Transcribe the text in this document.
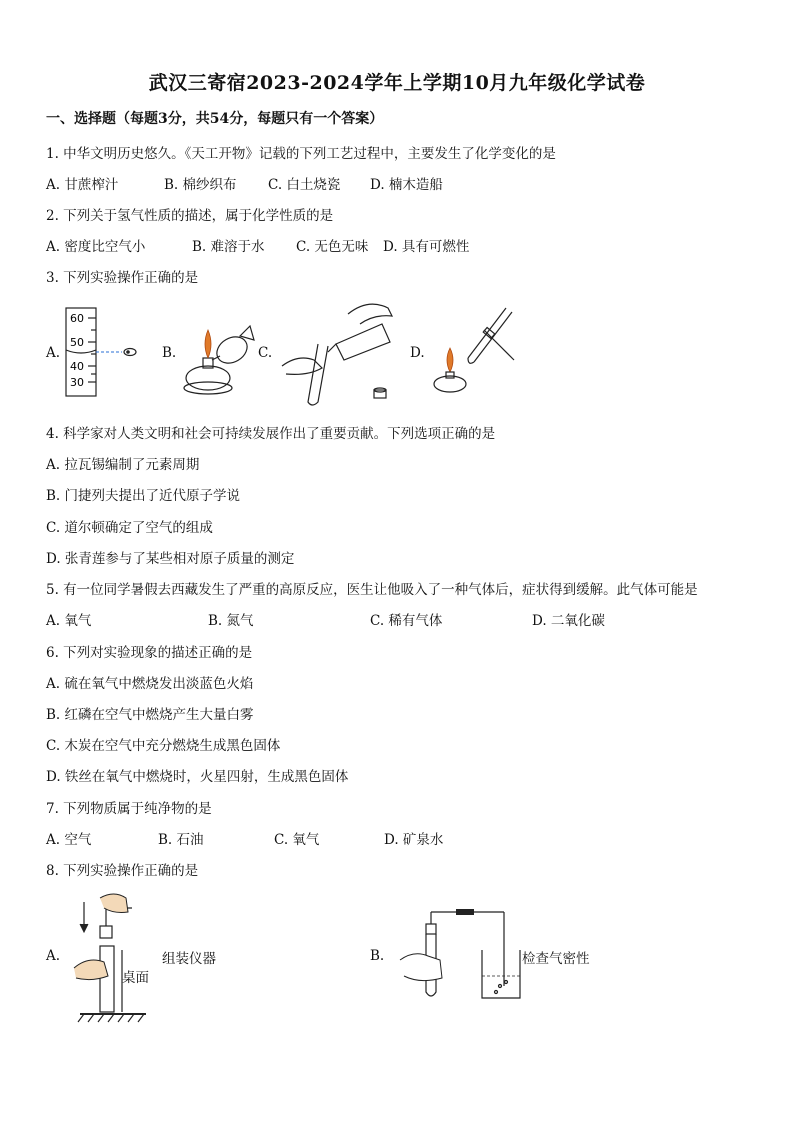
武汉三寄宿2023-2024学年上学期10月九年级化学试卷
一、选择题（每题3分，共54分，每题只有一个答案）
1. 中华文明历史悠久。《天工开物》记载的下列工艺过程中，主要发生了化学变化的是
A. 甘蔗榨汁	B. 棉纱织布 C. 白土烧瓷 D. 楠木造船
2. 下列关于氢气性质的描述，属于化学性质的是
A. 密度比空气小	B. 难溶于水 C. 无色无味 D. 具有可燃性
3. 下列实验操作正确的是
A.	B.	C.	D.
60
50
40
30
4. 科学家对人类文明和社会可持续发展作出了重要贡献。下列选项正确的是
A. 拉瓦锡编制了元素周期
B. 门捷列夫提出了近代原子学说
C. 道尔顿确定了空气的组成
D. 张青莲参与了某些相对原子质量的测定
5. 有一位同学暑假去西藏发生了严重的高原反应，医生让他吸入了一种气体后，症状得到缓解。此气体可能是
A. 氧气	B. 氮气	C. 稀有气体	D. 二氧化碳
6. 下列对实验现象的描述正确的是
A. 硫在氧气中燃烧发出淡蓝色火焰
B. 红磷在空气中燃烧产生大量白雾
C. 木炭在空气中充分燃烧生成黑色固体
D. 铁丝在氧气中燃烧时，火星四射，生成黑色固体
7. 下列物质属于纯净物的是
A. 空气	B. 石油	C. 氧气	D. 矿泉水
8. 下列实验操作正确的是
A.	B.
组装仪器	检查气密性
桌面
